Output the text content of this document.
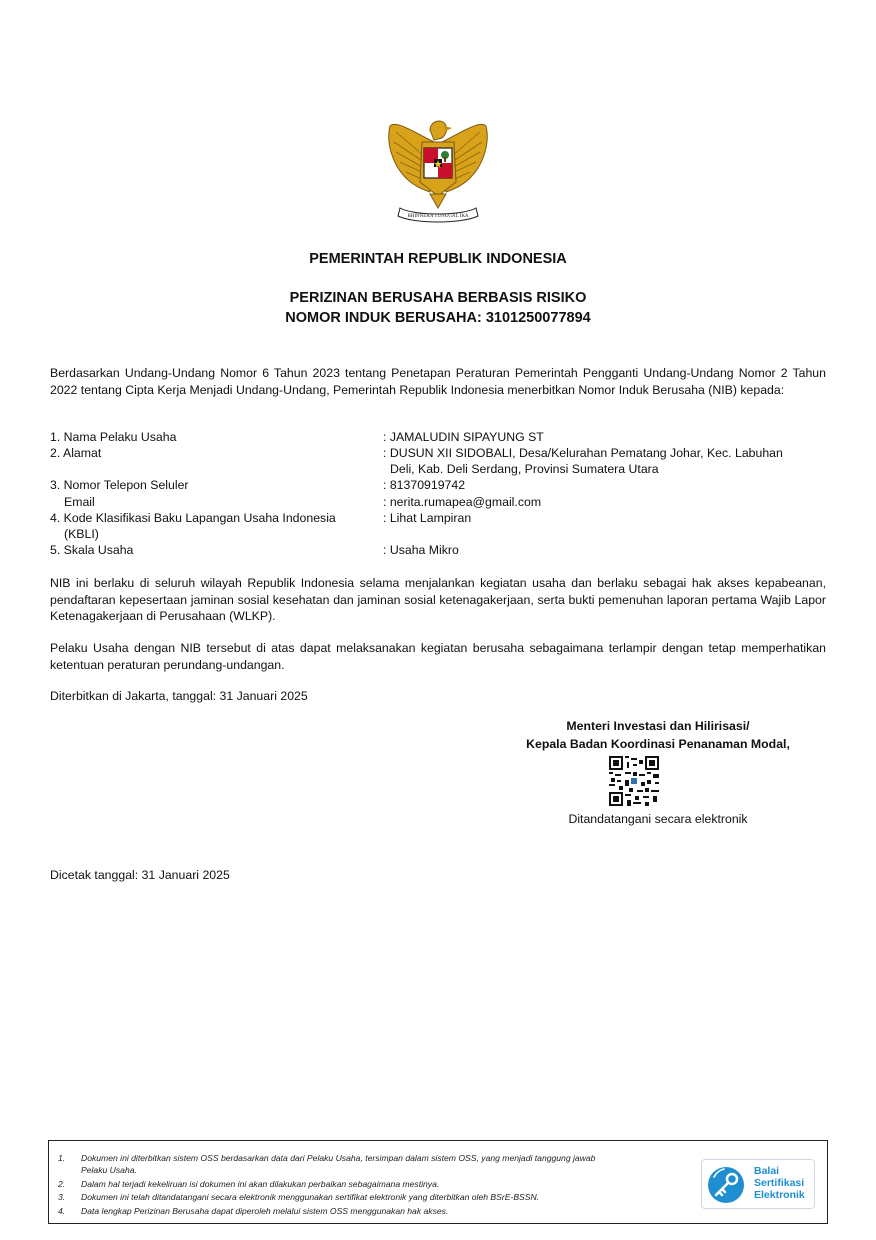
BHINNEKA TUNGGAL IKA
PEMERINTAH REPUBLIK INDONESIA
PERIZINAN BERUSAHA BERBASIS RISIKO
NOMOR INDUK BERUSAHA: 3101250077894
Berdasarkan Undang-Undang Nomor 6 Tahun 2023 tentang Penetapan Peraturan Pemerintah Pengganti Undang-Undang Nomor 2 Tahun 2022 tentang Cipta Kerja Menjadi Undang-Undang, Pemerintah Republik Indonesia menerbitkan Nomor Induk Berusaha (NIB) kepada:
1. Nama Pelaku Usaha	: JAMALUDIN SIPAYUNG ST
2. Alamat	: DUSUN XII SIDOBALI, Desa/Kelurahan Pematang Johar, Kec. Labuhan
Deli, Kab. Deli Serdang, Provinsi Sumatera Utara
3. Nomor Telepon Seluler	: 81370919742
Email	: nerita.rumapea@gmail.com
4. Kode Klasifikasi Baku Lapangan Usaha Indonesia	: Lihat Lampiran
(KBLI)
5. Skala Usaha	: Usaha Mikro
NIB ini berlaku di seluruh wilayah Republik Indonesia selama menjalankan kegiatan usaha dan berlaku sebagai hak akses kepabeanan, pendaftaran kepesertaan jaminan sosial kesehatan dan jaminan sosial ketenagakerjaan, serta bukti pemenuhan laporan pertama Wajib Lapor Ketenagakerjaan di Perusahaan (WLKP).
Pelaku Usaha dengan NIB tersebut di atas dapat melaksanakan kegiatan berusaha sebagaimana terlampir dengan tetap memperhatikan ketentuan peraturan perundang-undangan.
Diterbitkan di Jakarta, tanggal: 31 Januari 2025
Menteri Investasi dan Hilirisasi/
Kepala Badan Koordinasi Penanaman Modal,
Ditandatangani secara elektronik
Dicetak tanggal: 31 Januari 2025
1. Dokumen ini diterbitkan sistem OSS berdasarkan data dari Pelaku Usaha, tersimpan dalam sistem OSS, yang menjadi tanggung jawab
Pelaku Usaha.
2. Dalam hal terjadi kekeliruan isi dokumen ini akan dilakukan perbaikan sebagaimana mestinya.
3. Dokumen ini telah ditandatangani secara elektronik menggunakan sertifikat elektronik yang diterbitkan oleh BSrE-BSSN.
4. Data lengkap Perizinan Berusaha dapat diperoleh melalui sistem OSS menggunakan hak akses.
Balai
Sertifikasi
Elektronik
